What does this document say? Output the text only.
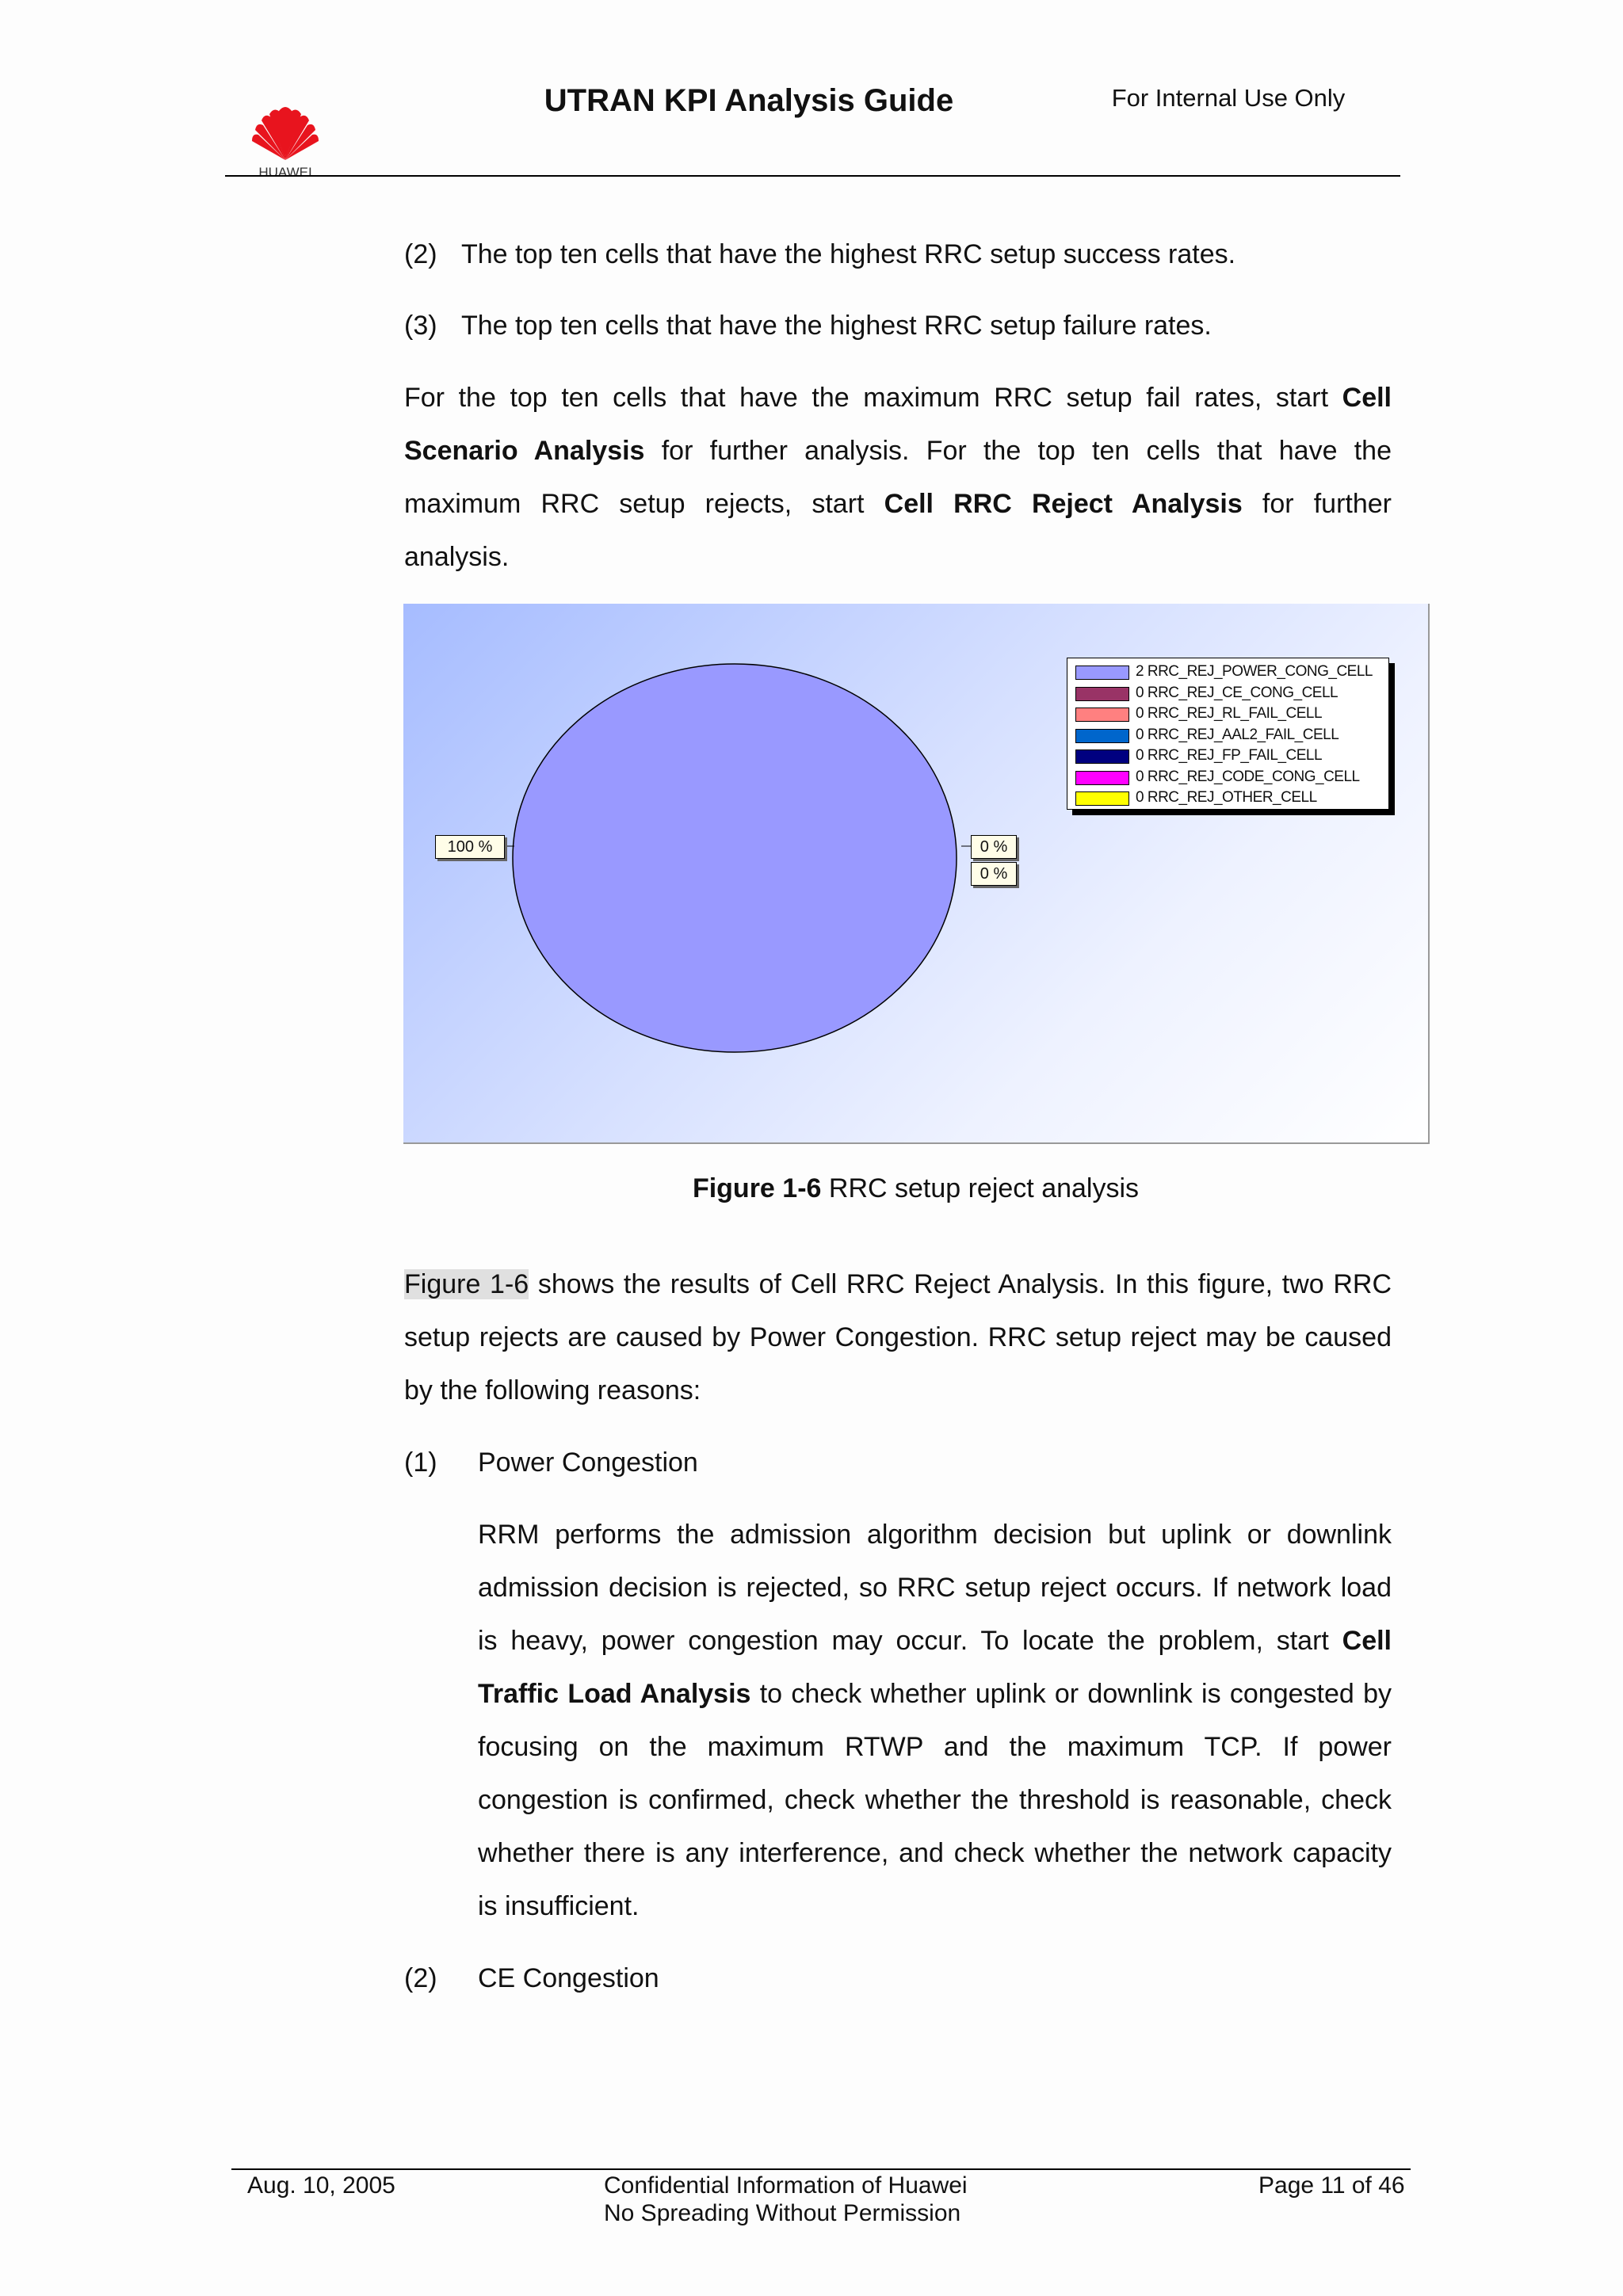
HUAWEI
UTRAN KPI Analysis Guide	For Internal Use Only
(2) The top ten cells that have the highest RRC setup success rates.
(3) The top ten cells that have the highest RRC setup failure rates.
For the top ten cells that have the maximum RRC setup fail rates, start Cell
Scenario Analysis for further analysis. For the top ten cells that have the
maximum RRC setup rejects, start Cell RRC Reject Analysis for further
analysis.
2 RRC_REJ_POWER_CONG_CELL
0 RRC_REJ_CE_CONG_CELL
0 RRC_REJ_RL_FAIL_CELL
0 RRC_REJ_AAL2_FAIL_CELL
0 RRC_REJ_FP_FAIL_CELL
0 RRC_REJ_CODE_CONG_CELL
0 RRC_REJ_OTHER_CELL
100 %	0 %
0 %
Figure 1-6 RRC setup reject analysis
Figure 1-6 shows the results of Cell RRC Reject Analysis. In this figure, two RRC
setup rejects are caused by Power Congestion. RRC setup reject may be caused
by the following reasons:
(1) Power Congestion
RRM performs the admission algorithm decision but uplink or downlink
admission decision is rejected, so RRC setup reject occurs. If network load
is heavy, power congestion may occur. To locate the problem, start Cell
Traffic Load Analysis to check whether uplink or downlink is congested by
focusing on the maximum RTWP and the maximum TCP. If power
congestion is confirmed, check whether the threshold is reasonable, check
whether there is any interference, and check whether the network capacity
is insufficient.
(2) CE Congestion
Aug. 10, 2005	Confidential Information of Huawei
No Spreading Without Permission
Page 11 of 46
